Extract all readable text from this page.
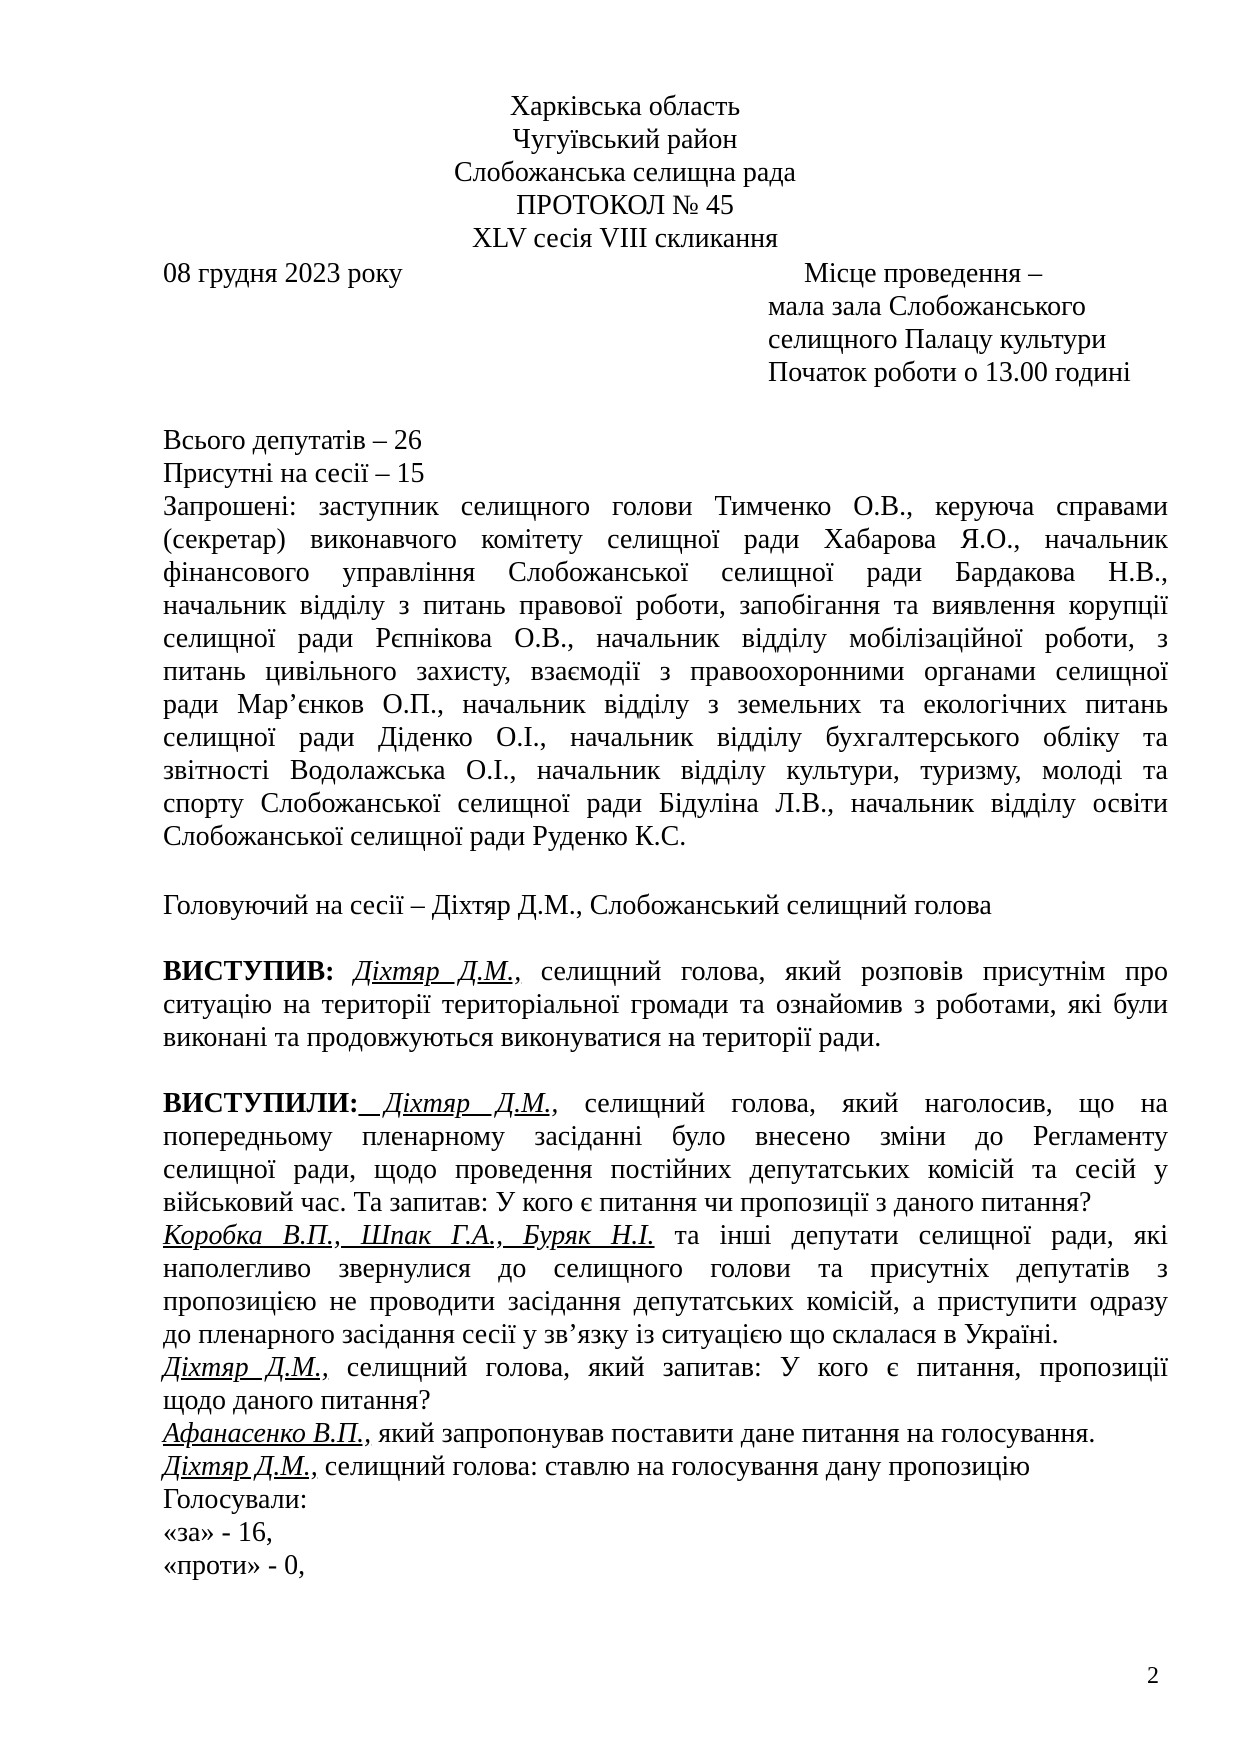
Харківська область
Чугуївський район
Слобожанська селищна рада
ПРОТОКОЛ № 45
XLV сесія VIII скликання
08 грудня 2023 року	Місце проведення –
мала зала Слобожанського
селищного Палацу культури
Початок роботи о 13.00 годині
Всього депутатів – 26
Присутні на сесії – 15
Запрошені: заступник селищного голови Тимченко О.В., керуюча справами
(секретар) виконавчого комітету селищної ради Хабарова Я.О., начальник
фінансового управління Слобожанської селищної ради Бардакова Н.В.,
начальник відділу з питань правової роботи, запобігання та виявлення корупції
селищної ради Рєпнікова О.В., начальник відділу мобілізаційної роботи, з
питань цивільного захисту, взаємодії з правоохоронними органами селищної
ради Мар’єнков О.П., начальник відділу з земельних та екологічних питань
селищної ради Діденко О.І., начальник відділу бухгалтерського обліку та
звітності Водолажська О.І., начальник відділу культури, туризму, молоді та
спорту Слобожанської селищної ради Бідуліна Л.В., начальник відділу освіти
Слобожанської селищної ради Руденко К.С.
Головуючий на сесії – Діхтяр Д.М., Слобожанський селищний голова
ВИСТУПИВ: Діхтяр Д.М., селищний голова, який розповів присутнім про
ситуацію на території територіальної громади та ознайомив з роботами, які були
виконані та продовжуються виконуватися на території ради.
ВИСТУПИЛИ: Діхтяр Д.М., селищний голова, який наголосив, що на
попередньому пленарному засіданні було внесено зміни до Регламенту
селищної ради, щодо проведення постійних депутатських комісій та сесій у
військовий час. Та запитав: У кого є питання чи пропозиції з даного питання?
Коробка В.П., Шпак Г.А., Буряк Н.І. та інші депутати селищної ради, які
наполегливо звернулися до селищного голови та присутніх депутатів з
пропозицією не проводити засідання депутатських комісій, а приступити одразу
до пленарного засідання сесії у зв’язку із ситуацією що склалася в Україні.
Діхтяр Д.М., селищний голова, який запитав: У кого є питання, пропозиції
щодо даного питання?
Афанасенко В.П., який запропонував поставити дане питання на голосування.
Діхтяр Д.М., селищний голова: ставлю на голосування дану пропозицію
Голосували:
«за» - 16,
«проти» - 0,
2
